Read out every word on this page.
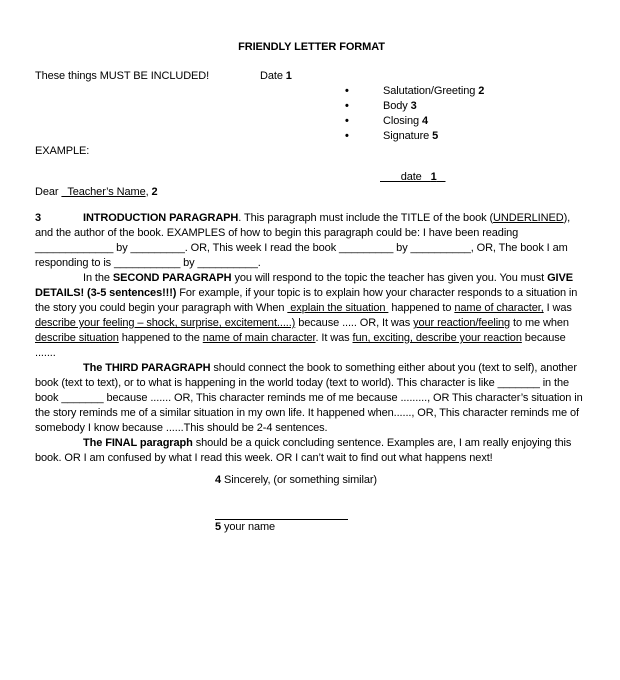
FRIENDLY LETTER FORMAT
These things MUST BE INCLUDED!	Date 1
• Salutation/Greeting 2
• Body 3
• Closing 4
• Signature 5
EXAMPLE:
date   1
Dear   Teacher’s Name, 2

3	INTRODUCTION PARAGRAPH. This paragraph must include the TITLE of the book (UNDERLINED), and the author of the book. EXAMPLES of how to begin this paragraph could be: I have been reading _____________ by _________. OR, This week I read the book _________ by __________, OR, The book I am responding to is ___________ by __________.

In the SECOND PARAGRAPH you will respond to the topic the teacher has given you. You must GIVE DETAILS! (3-5 sentences!!!) For example, if your topic is to explain how your character responds to a situation in the story you could begin your paragraph with When  explain the situation  happened to name of character, I was describe your feeling – shock, surprise, excitement.....) because ..... OR, It was your reaction/feeling to me when describe situation happened to the name of main character. It was fun, exciting, describe your reaction because .......

The THIRD PARAGRAPH should connect the book to something either about you (text to self), another book (text to text), or to what is happening in the world today (text to world). This character is like _______ in the book _______ because ....... OR, This character reminds me of me because ........., OR This character’s situation in the story reminds me of a similar situation in my own life. It happened when......, OR, This character reminds me of somebody I know because ......This should be 2-4 sentences.

The FINAL paragraph should be a quick concluding sentence. Examples are, I am really enjoying this book. OR I am confused by what I read this week. OR I can’t wait to find out what happens next!

4 Sincerely, (or something similar)
5 your name
